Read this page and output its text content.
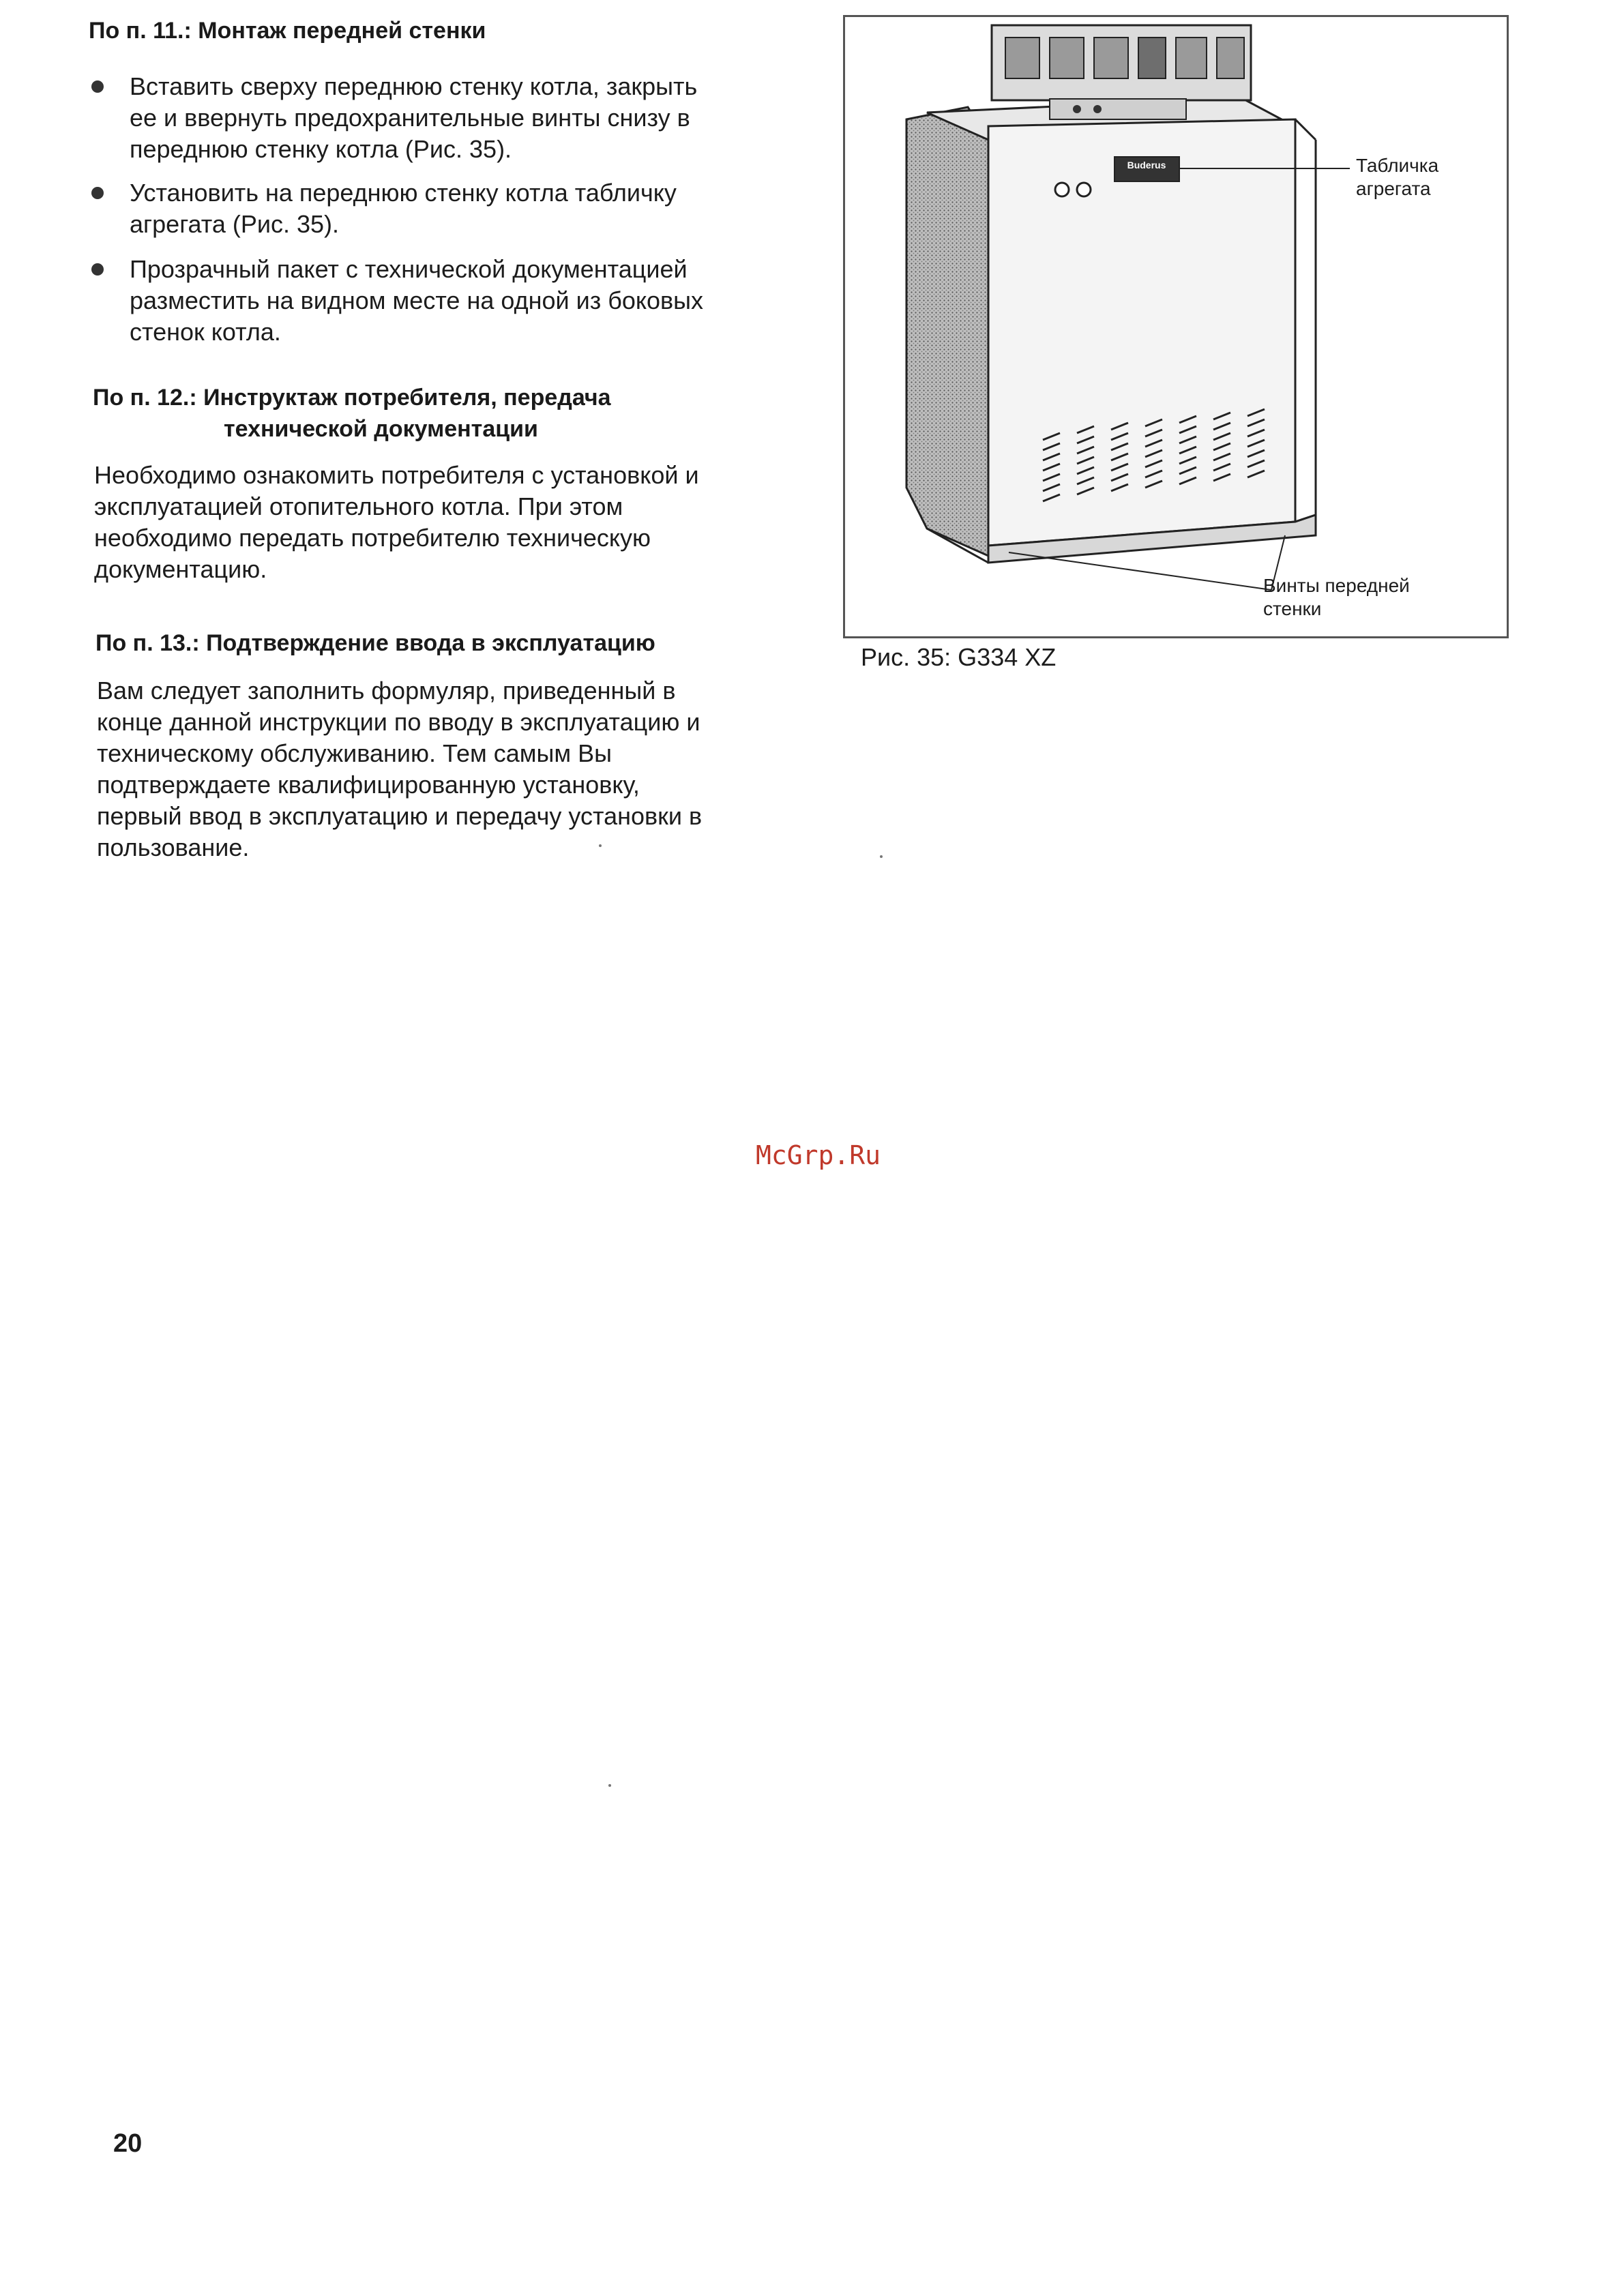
По п. 11.: Монтаж передней стенки
Вставить сверху переднюю стенку котла, закрыть
ее и ввернуть предохранительные винты снизу в
переднюю стенку котла (Рис. 35).
Установить на переднюю стенку котла табличку
агрегата (Рис. 35).
Прозрачный пакет с технической документацией
разместить на видном месте на одной из боковых
стенок котла.
По п. 12.: Инструктаж потребителя, передача
технической документации
Необходимо ознакомить потребителя с установкой и
эксплуатацией отопительного котла. При этом
необходимо передать потребителю техническую
документацию.
По п. 13.: Подтверждение ввода в эксплуатацию
Вам следует заполнить формуляр, приведенный в
конце данной инструкции по вводу в эксплуатацию и
техническому обслуживанию. Тем самым Вы
подтверждаете квалифицированную установку,
первый ввод в эксплуатацию и передачу установки в
пользование.
Buderus	Табличка
агрегата
Винты передней
стенки
Рис. 35: G334 XZ
McGrp.Ru
20
